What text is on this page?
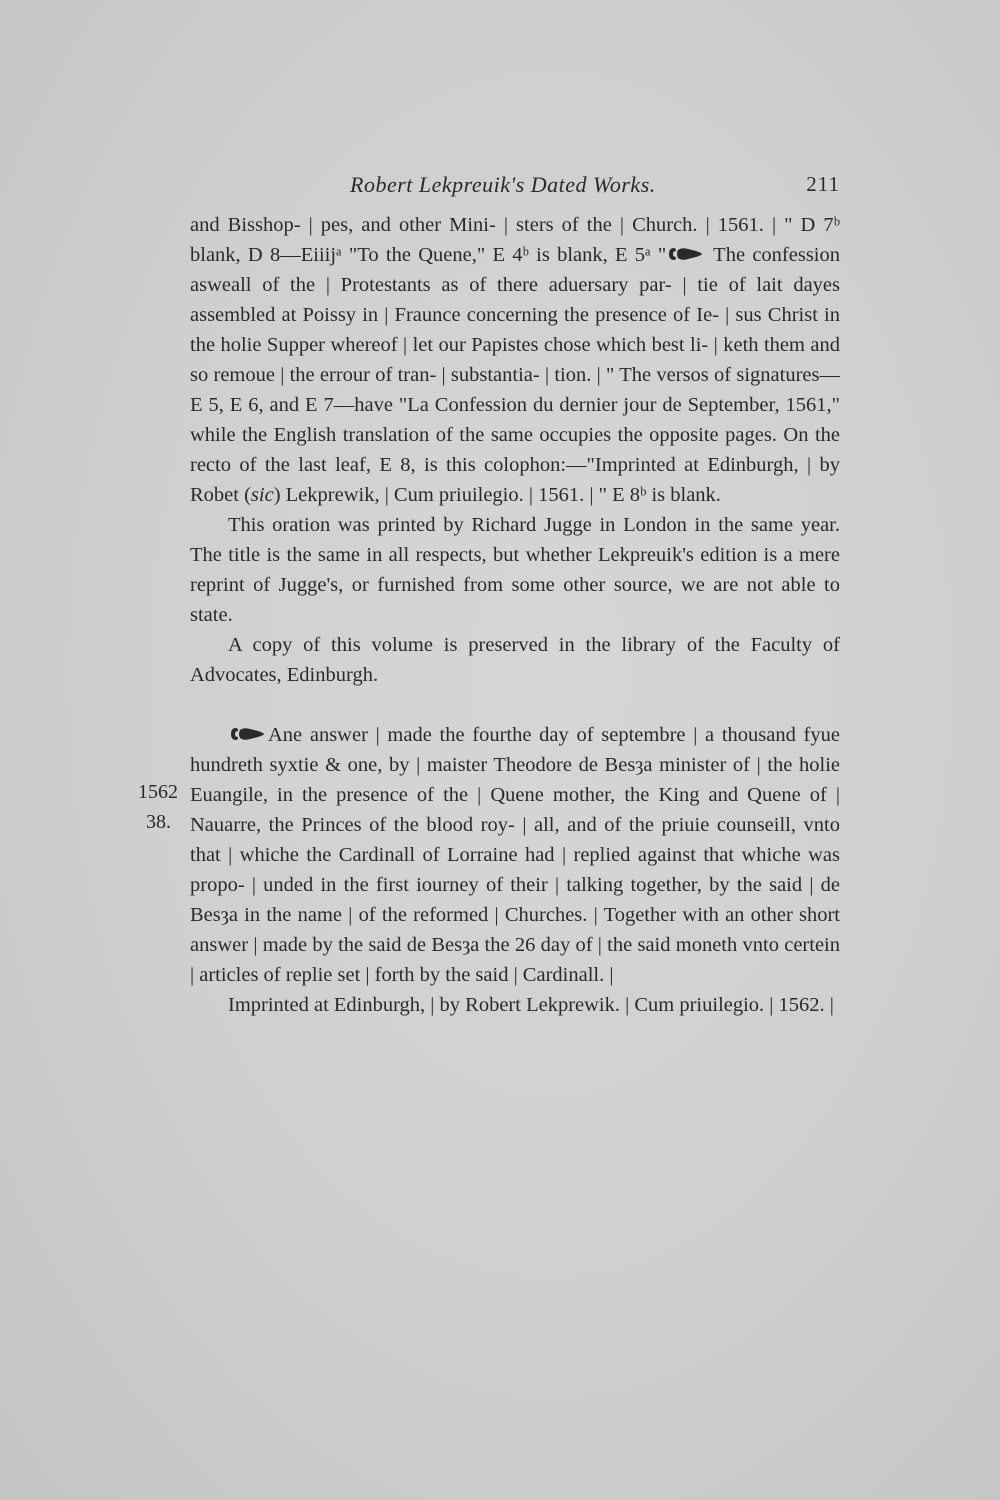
Robert Lekpreuik's Dated Works.	211

and Bisshop- | pes, and other Mini- | sters of the | Church. | 1561. | " D 7ᵇ blank, D 8—Eiiijᵃ "To the Quene," E 4ᵇ is blank, E 5ᵃ " The confession asweall of the | Protestants as of there aduersary par- | tie of lait dayes assembled at Poissy in | Fraunce concerning the presence of Ie- | sus Christ in the holie Supper whereof | let our Papistes chose which best li- | keth them and so remoue | the errour of tran- | substantia- | tion. | " The versos of signatures—E 5, E 6, and E 7—have "La Confession du dernier jour de September, 1561," while the English translation of the same occupies the opposite pages. On the recto of the last leaf, E 8, is this colophon:—"Imprinted at Edinburgh, | by Robet (sic) Lekprewik, | Cum priuilegio. | 1561. | " E 8ᵇ is blank.

This oration was printed by Richard Jugge in London in the same year. The title is the same in all respects, but whether Lekpreuik's edition is a mere reprint of Jugge's, or furnished from some other source, we are not able to state.

A copy of this volume is preserved in the library of the Faculty of Advocates, Edinburgh.

Ane answer | made the fourthe day of septembre | a thousand fyue hundreth syxtie & one, by | maister Theodore de Besȝa minister of | the holie Euangile, in the presence of the | Quene mother, the King and Quene of | Nauarre, the Princes of the blood roy- | all, and of the priuie counseill, vnto that | whiche the Cardinall of Lorraine had | replied against that whiche was propo- | unded in the first iourney of their | talking together, by the said | de Besȝa in the name | of the reformed | Churches. | Together with an other short answer | made by the said de Besȝa the 26 day of | the said moneth vnto certein | articles of replie set | forth by the said | Cardinall. |

Imprinted at Edinburgh, | by Robert Lekprewik. | Cum priuilegio. | 1562. |

1562
38.
